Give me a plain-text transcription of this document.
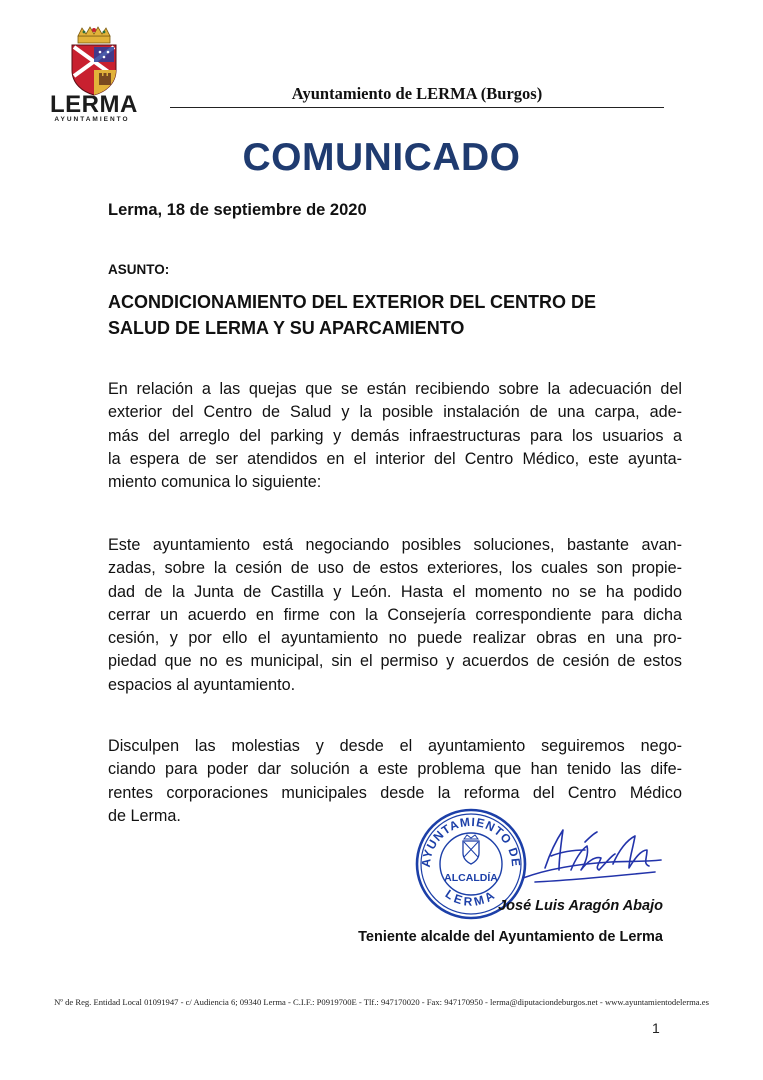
LERMA
AYUNTAMIENTO
Ayuntamiento de LERMA (Burgos)
COMUNICADO
Lerma, 18 de septiembre de 2020
ASUNTO:
ACONDICIONAMIENTO DEL EXTERIOR DEL CENTRO DE
SALUD DE LERMA Y SU APARCAMIENTO
En relación a las quejas que se están recibiendo sobre la adecuación del
exterior del Centro de Salud y la posible instalación de una carpa, ade-
más del arreglo del parking y demás infraestructuras para los usuarios a
la espera de ser atendidos en el interior del Centro Médico, este ayunta-
miento comunica lo siguiente:
Este ayuntamiento está negociando posibles soluciones, bastante avan-
zadas, sobre la cesión de uso de estos exteriores, los cuales son propie-
dad de la Junta de Castilla y León. Hasta el momento no se ha podido
cerrar un acuerdo en firme con la Consejería correspondiente para dicha
cesión, y por ello el ayuntamiento no puede realizar obras en una pro-
piedad que no es municipal, sin el permiso y acuerdos de cesión de estos
espacios al ayuntamiento.
Disculpen las molestias y desde el ayuntamiento seguiremos nego-
ciando para poder dar solución a este problema que han tenido las dife-
rentes corporaciones municipales desde la reforma del Centro Médico
de Lerma.
AYUNTAMIENTO DE
LERMA
ALCALDÍA
José Luis Aragón Abajo
Teniente alcalde del Ayuntamiento de Lerma
Nº de Reg. Entidad Local 01091947 - c/ Audiencia 6; 09340 Lerma - C.I.F.: P0919700E - Tlf.: 947170020 - Fax: 947170950 - lerma@diputaciondeburgos.net - www.ayuntamientodelerma.es
1
